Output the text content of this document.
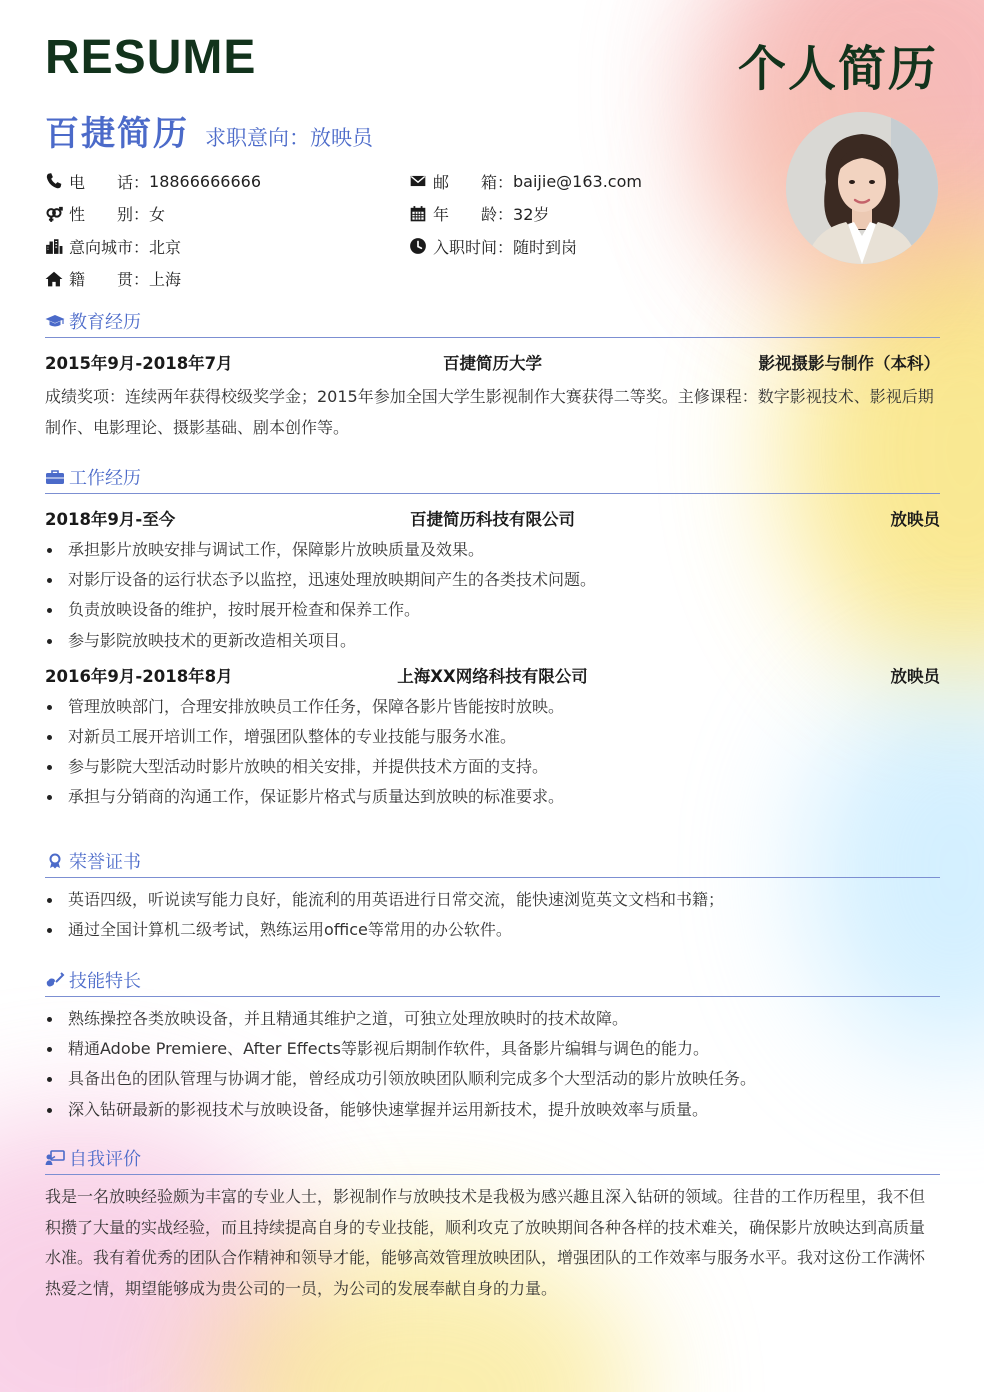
RESUME	个人简历
百捷简历 求职意向：放映员
电　　话： 18866666666	邮　　箱： baijie@163.com
性　　别： 女	年　　龄： 32岁
意向城市： 北京	入职时间： 随时到岗
籍　　贯： 上海
教育经历
2015年9月-2018年7月	百捷简历大学	影视摄影与制作（本科）

成绩奖项：连续两年获得校级奖学金；2015年参加全国大学生影视制作大赛获得二等奖。主修课程：数字影视技术、影视后期制作、电影理论、摄影基础、剧本创作等。

工作经历
2018年9月-至今	百捷简历科技有限公司	放映员
承担影片放映安排与调试工作，保障影片放映质量及效果。
对影厅设备的运行状态予以监控，迅速处理放映期间产生的各类技术问题。
负责放映设备的维护，按时展开检查和保养工作。
参与影院放映技术的更新改造相关项目。
2016年9月-2018年8月	上海XX网络科技有限公司	放映员
管理放映部门，合理安排放映员工作任务，保障各影片皆能按时放映。
对新员工展开培训工作，增强团队整体的专业技能与服务水准。
参与影院大型活动时影片放映的相关安排，并提供技术方面的支持。
承担与分销商的沟通工作，保证影片格式与质量达到放映的标准要求。
荣誉证书
英语四级，听说读写能力良好，能流利的用英语进行日常交流，能快速浏览英文文档和书籍；
通过全国计算机二级考试，熟练运用office等常用的办公软件。
技能特长
熟练操控各类放映设备，并且精通其维护之道，可独立处理放映时的技术故障。
精通Adobe Premiere、After Effects等影视后期制作软件，具备影片编辑与调色的能力。
具备出色的团队管理与协调才能，曾经成功引领放映团队顺利完成多个大型活动的影片放映任务。
深入钻研最新的影视技术与放映设备，能够快速掌握并运用新技术，提升放映效率与质量。
自我评价

我是一名放映经验颇为丰富的专业人士，影视制作与放映技术是我极为感兴趣且深入钻研的领域。往昔的工作历程里，我不但积攒了大量的实战经验，而且持续提高自身的专业技能，顺利攻克了放映期间各种各样的技术难关，确保影片放映达到高质量水准。我有着优秀的团队合作精神和领导才能，能够高效管理放映团队，增强团队的工作效率与服务水平。我对这份工作满怀热爱之情，期望能够成为贵公司的一员，为公司的发展奉献自身的力量。
